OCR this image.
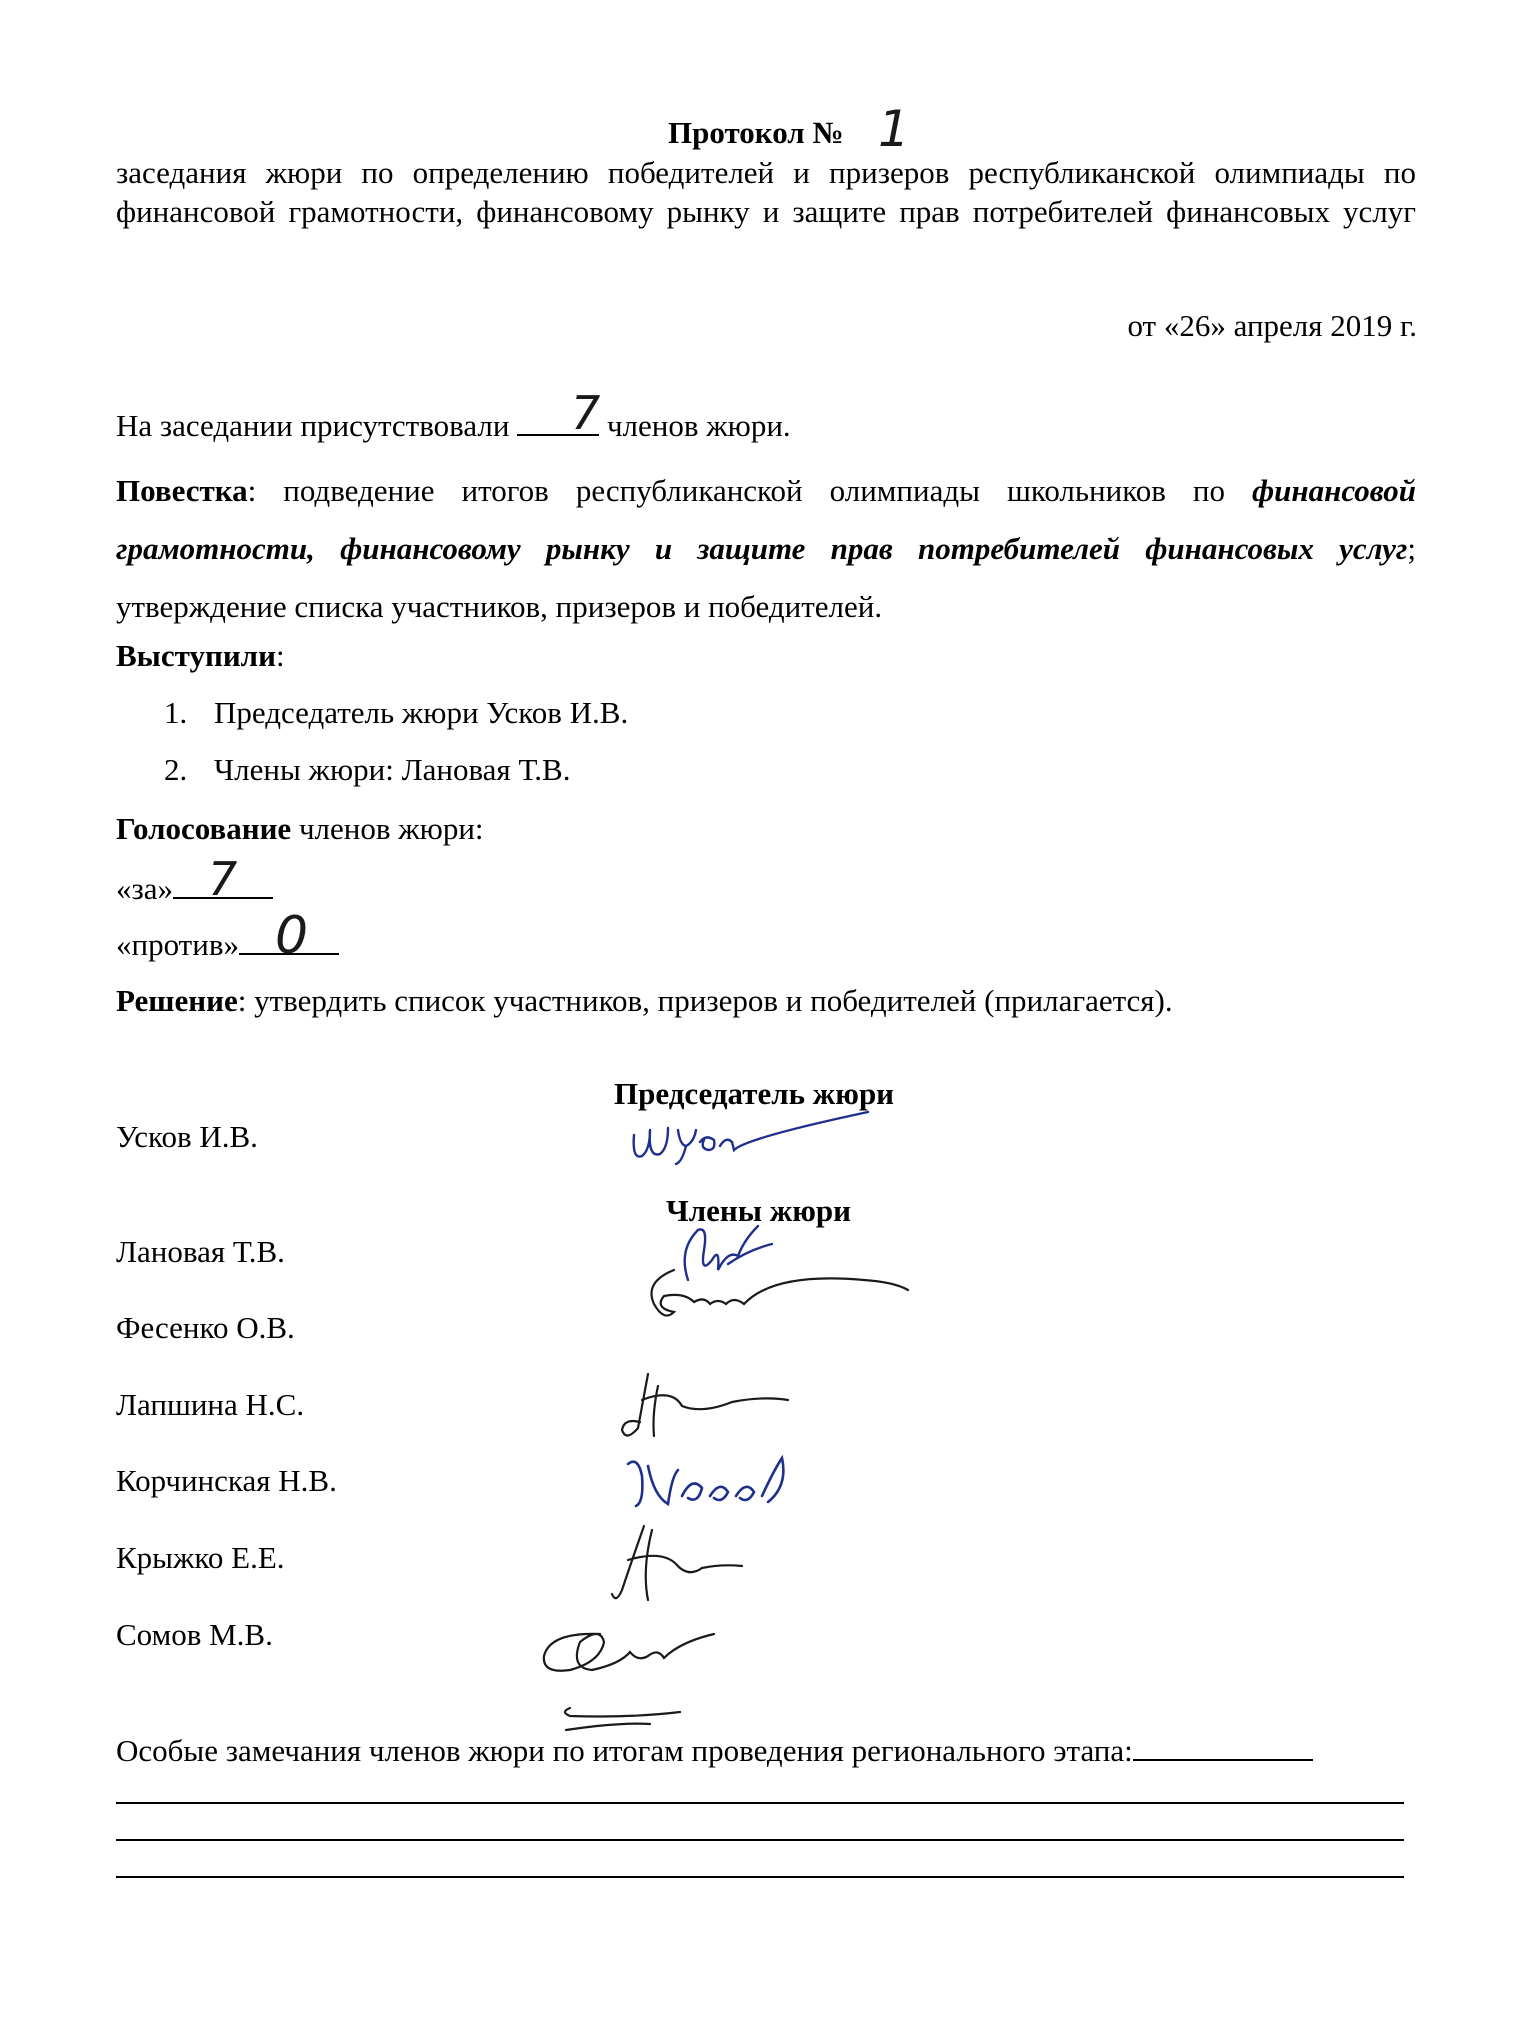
Протокол № 1
заседания жюри по определению победителей и призеров республиканской олимпиады по финансовой грамотности, финансовому рынку и защите прав потребителей финансовых услуг
от «26» апреля 2019 г.
На заседании присутствовали	членов жюри.
7
Повестка: подведение итогов республиканской олимпиады школьников по финансовой грамотности, финансовому рынку и защите прав потребителей финансовых услуг; утверждение списка участников, призеров и победителей.
Выступили:
1. Председатель жюри Усков И.В.
2. Члены жюри: Лановая Т.В.
Голосование членов жюри:
«за» 7
«против» 0
Решение: утвердить список участников, призеров и победителей (прилагается).
Председатель жюри
Усков И.В.
Члены жюри
Лановая Т.В.
Фесенко О.В.
Лапшина Н.С.
Корчинская Н.В.
Крыжко Е.Е.
Сомов М.В.
Особые замечания членов жюри по итогам проведения регионального этапа:
